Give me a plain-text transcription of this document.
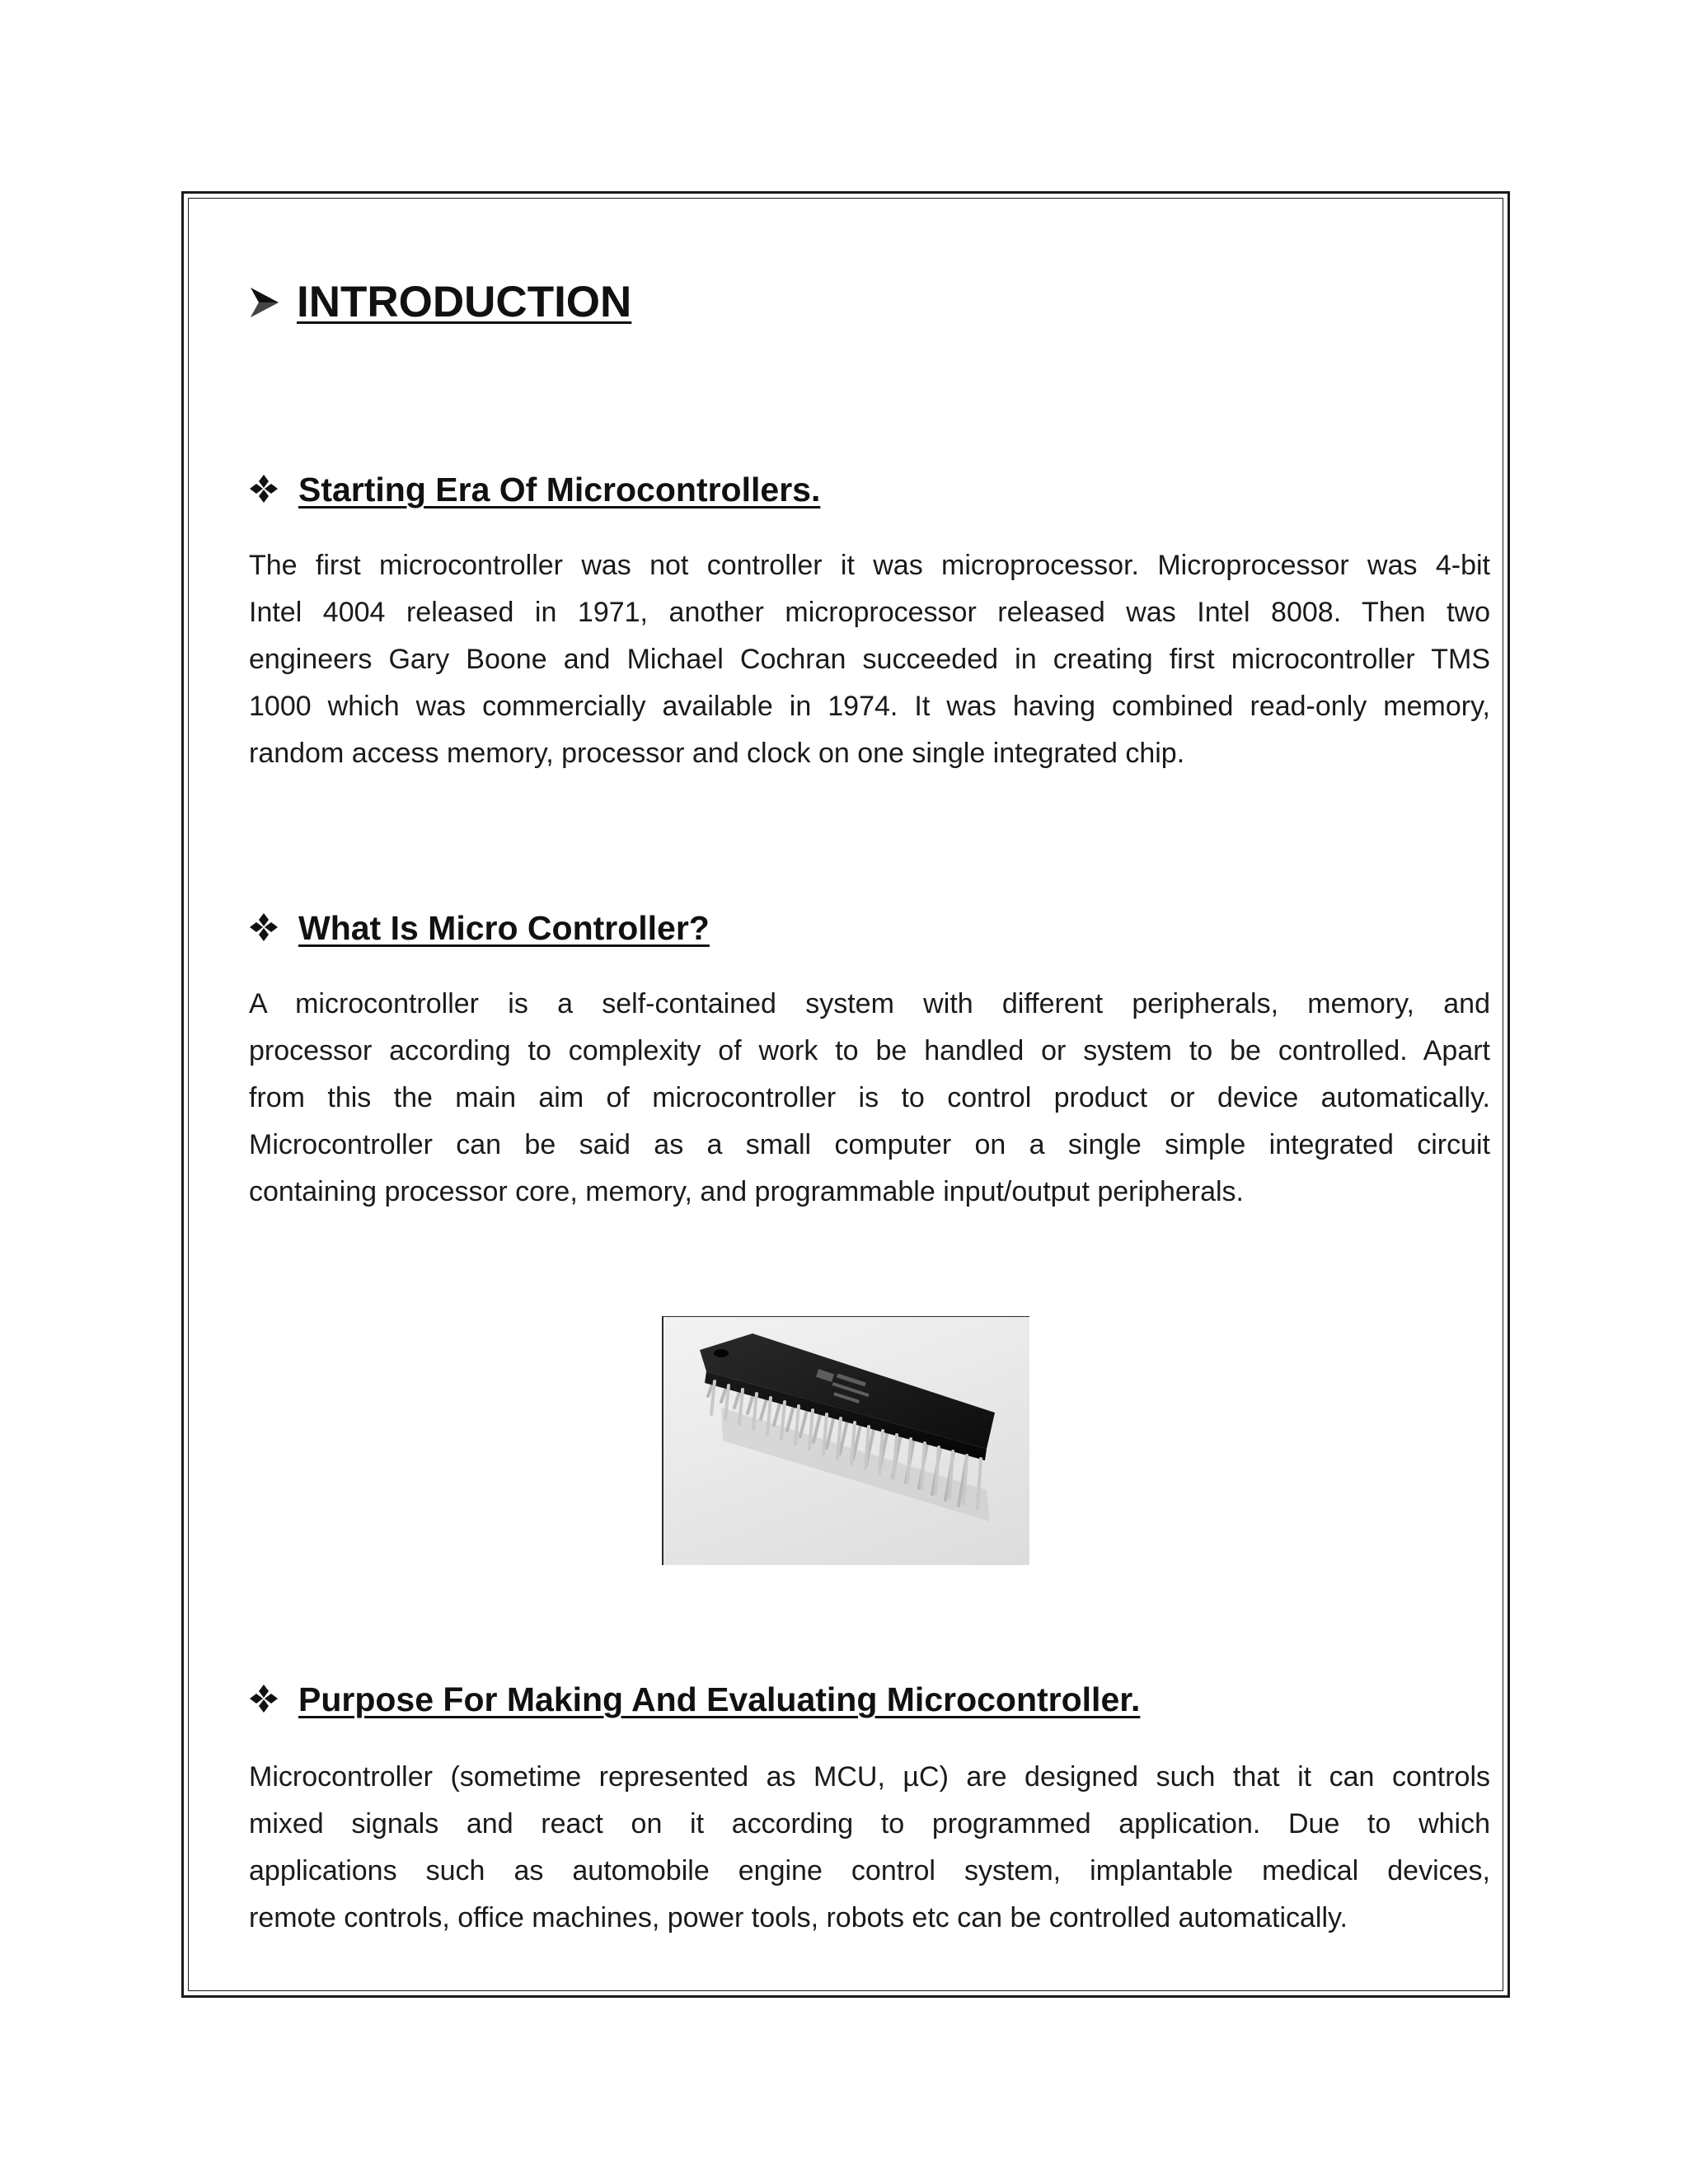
INTRODUCTION
Starting Era Of Microcontrollers.
The first microcontroller was not controller it was microprocessor. Microprocessor was 4-bit
Intel 4004 released in 1971, another microprocessor released was Intel 8008. Then two
engineers Gary Boone and Michael Cochran succeeded in creating first microcontroller TMS
1000 which was commercially available in 1974. It was having combined read-only memory,
random access memory, processor and clock on one single integrated chip.
What Is Micro Controller?
A microcontroller is a self-contained system with different peripherals, memory, and
processor according to complexity of work to be handled or system to be controlled. Apart
from this the main aim of microcontroller is to control product or device automatically.
Microcontroller can be said as a small computer on a single simple integrated circuit
containing processor core, memory, and programmable input/output peripherals.
Purpose For Making And Evaluating Microcontroller.
Microcontroller (sometime represented as MCU, µC) are designed such that it can controls
mixed signals and react on it according to programmed application. Due to which
applications such as automobile engine control system, implantable medical devices,
remote controls, office machines, power tools, robots etc can be controlled automatically.
